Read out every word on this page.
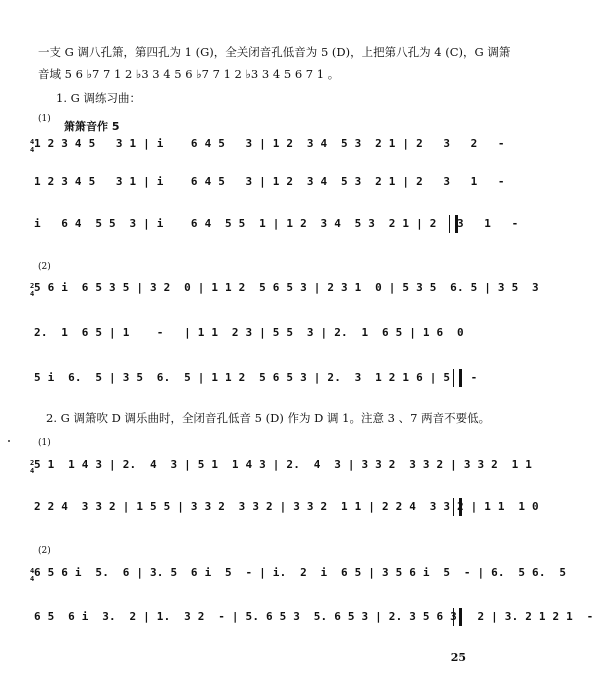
一支 G 调八孔箫，第四孔为 1 (G)，全关闭音孔低音为 5 (D)，上把第八孔为 4 (C)，G 调箫
音域 5 6 ♭7 7 1 2 ♭3 3 4 5 6 ♭7 7 1 2 ♭3 3 4 5 6 7 1 。
1. G 调练习曲：
(1)
箫箫音作 5
4
4 1 2 3 4 5   3 1 | i    6 4 5   3 | 1 2  3 4  5 3  2 1 | 2   3   2   -
1 2 3 4 5   3 1 | i    6 4 5   3 | 1 2  3 4  5 3  2 1 | 2   3   1   -
i   6 4  5 5  3 | i    6 4  5 5  1 | 1 2  3 4  5 3  2 1 | 2   3   1   -
(2)
2
4 5 6 i  6 5 3 5 | 3 2  0 | 1 1 2  5 6 5 3 | 2 3 1  0 | 5 3 5  6. 5 | 3 5  3
2.  1  6 5 | 1    -   | 1 1  2 3 | 5 5  3 | 2.  1  6 5 | 1 6  0
5 i  6.  5 | 3 5  6.  5 | 1 1 2  5 6 5 3 | 2.  3  1 2 1 6 | 5   -
2. G 调箫吹 D 调乐曲时，全闭音孔低音 5 (D) 作为 D 调 1。注意 3 、7 两音不要低。
(1)
2
4 5 1  1 4 3 | 2.  4  3 | 5 1  1 4 3 | 2.  4  3 | 3 3 2  3 3 2 | 3 3 2  1 1
2 2 4  3 3 2 | 1 5 5 | 3 3 2  3 3 2 | 3 3 2  1 1 | 2 2 4  3 3 2 | 1 1  1 0
(2)
4
4 6 5 6 i  5.  6 | 3. 5  6 i  5  - | i.  2  i  6 5 | 3 5 6 i  5  - | 6.  5 6.  5
6 5  6 i  3.  2 | 1.  3 2  - | 5. 6 5 3  5. 6 5 3 | 2. 3 5 6 3.  2 | 3. 2 1 2 1  -
25
